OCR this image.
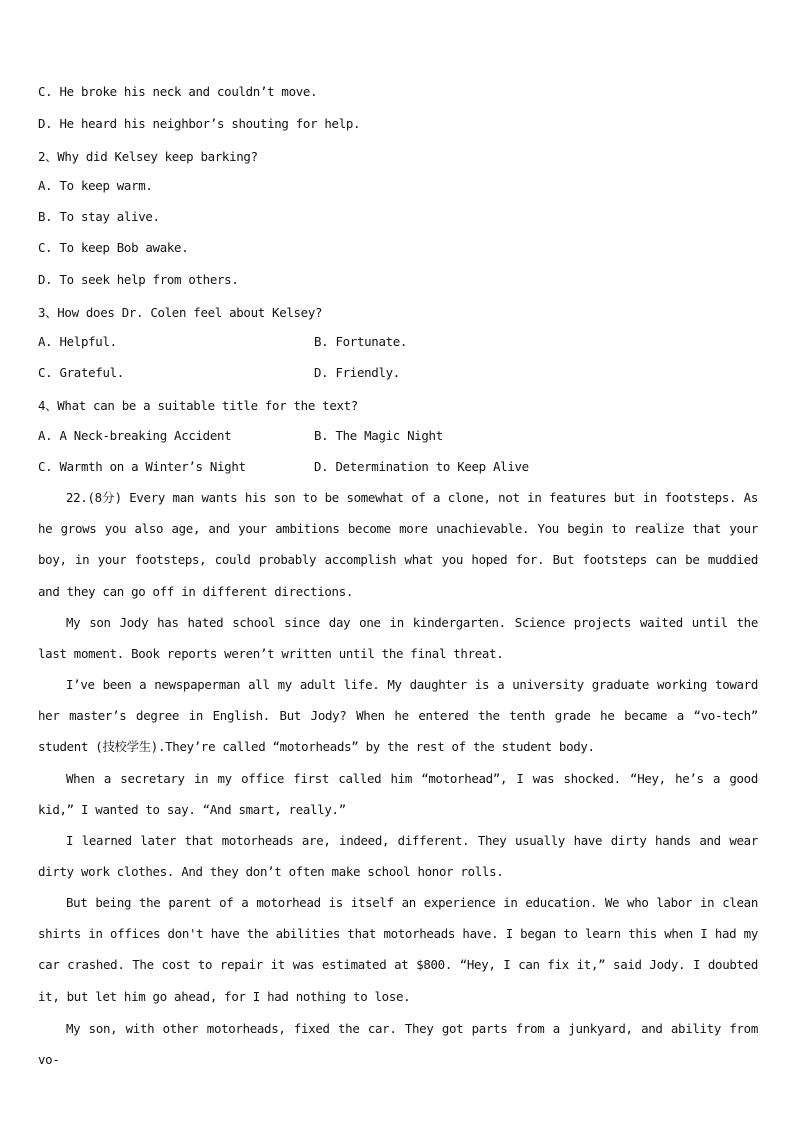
C. He broke his neck and couldn’t move.
D. He heard his neighbor’s shouting for help.
2、Why did Kelsey keep barking?
A. To keep warm.
B. To stay alive.
C. To keep Bob awake.
D. To seek help from others.
3、How does Dr. Colen feel about Kelsey?
A. Helpful.	B. Fortunate.
C. Grateful.	D. Friendly.
4、What can be a suitable title for the text?
A. A Neck-breaking Accident	B. The Magic Night
C. Warmth on a Winter’s Night	D. Determination to Keep Alive
22.(8分) Every man wants his son to be somewhat of a clone, not in features but in footsteps. As he grows you also age, and your ambitions become more unachievable. You begin to realize that your boy, in your footsteps, could probably accomplish what you hoped for. But footsteps can be muddied and they can go off in different directions.
My son Jody has hated school since day one in kindergarten. Science projects waited until the last moment. Book reports weren’t written until the final threat.
I’ve been a newspaperman all my adult life. My daughter is a university graduate working toward her master’s degree in English. But Jody? When he entered the tenth grade he became a “vo-tech” student (技校学生).They’re called “motorheads” by the rest of the student body.
When a secretary in my office first called him “motorhead”, I was shocked. “Hey, he’s a good kid,” I wanted to say. “And smart, really.”
I learned later that motorheads are, indeed, different. They usually have dirty hands and wear dirty work clothes. And they don’t often make school honor rolls.
But being the parent of a motorhead is itself an experience in education. We who labor in clean shirts in offices don't have the abilities that motorheads have. I began to learn this when I had my car crashed. The cost to repair it was estimated at $800. “Hey, I can fix it,” said Jody. I doubted it, but let him go ahead, for I had nothing to lose.
My son, with other motorheads, fixed the car. They got parts from a junkyard, and ability from vo-
